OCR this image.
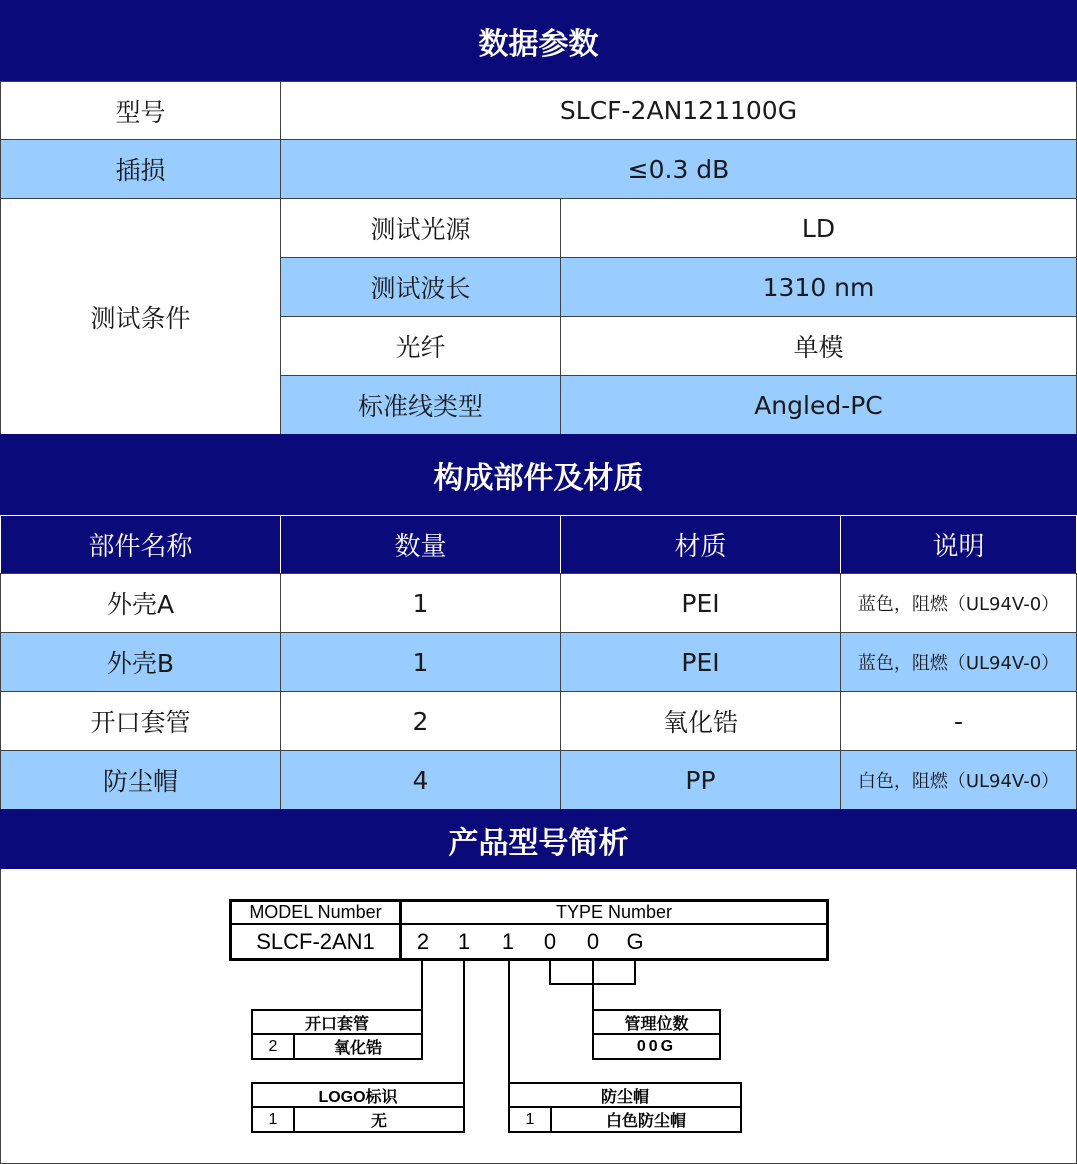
数据参数
型号	SLCF-2AN121100G
插损	≤0.3 dB
测试条件
测试光源	LD
测试波长	1310 nm
光纤	单模
标准线类型	Angled-PC
构成部件及材质
部件名称	数量	材质	说明
外壳A	1	PEI	蓝色，阻燃（UL94V-0）
外壳B	1	PEI	蓝色，阻燃（UL94V-0）
开口套管	2	氧化锆	-
防尘帽	4	PP	白色，阻燃（UL94V-0）
产品型号简析
MODEL Number	TYPE Number
SLCF-2AN1	2 1 1 0 0 G
开口套管
2	氧化锆
管理位数
00G
LOGO标识
1	无
防尘帽
1	白色防尘帽
